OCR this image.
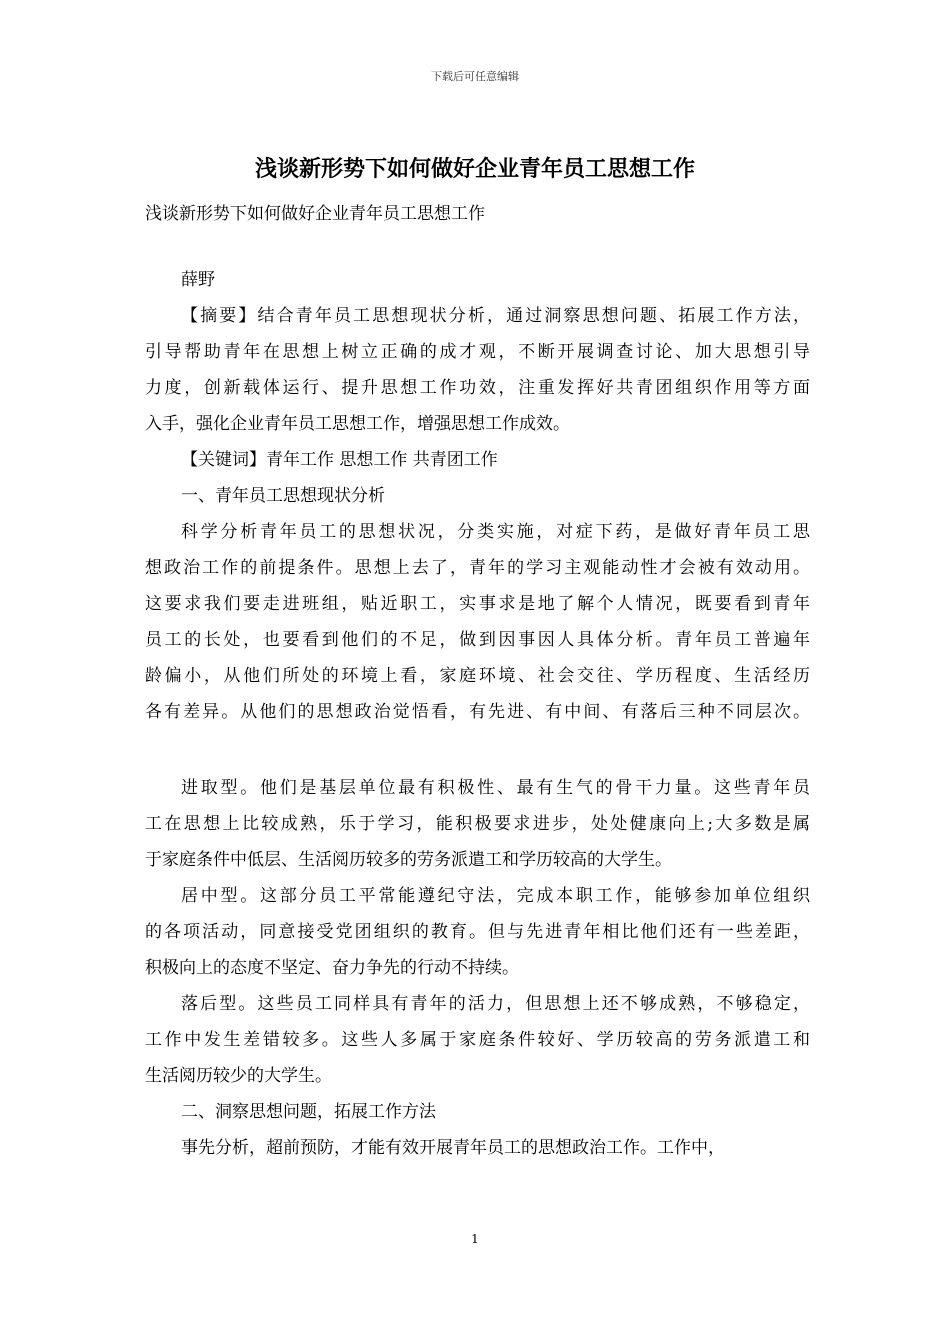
下载后可任意编辑
浅谈新形势下如何做好企业青年员工思想工作
浅谈新形势下如何做好企业青年员工思想工作
薛野
【摘要】结合青年员工思想现状分析，通过洞察思想问题、拓展工作方法，
引导帮助青年在思想上树立正确的成才观，不断开展调查讨论、加大思想引导
力度，创新载体运行、提升思想工作功效，注重发挥好共青团组织作用等方面
入手，强化企业青年员工思想工作，增强思想工作成效。
【关键词】青年工作 思想工作 共青团工作
一、青年员工思想现状分析
科学分析青年员工的思想状况，分类实施，对症下药，是做好青年员工思
想政治工作的前提条件。思想上去了，青年的学习主观能动性才会被有效动用。
这要求我们要走进班组，贴近职工，实事求是地了解个人情况，既要看到青年
员工的长处，也要看到他们的不足，做到因事因人具体分析。青年员工普遍年
龄偏小，从他们所处的环境上看，家庭环境、社会交往、学历程度、生活经历
各有差异。从他们的思想政治觉悟看，有先进、有中间、有落后三种不同层次。
进取型。他们是基层单位最有积极性、最有生气的骨干力量。这些青年员
工在思想上比较成熟，乐于学习，能积极要求进步，处处健康向上;大多数是属
于家庭条件中低层、生活阅历较多的劳务派遣工和学历较高的大学生。
居中型。这部分员工平常能遵纪守法，完成本职工作，能够参加单位组织
的各项活动，同意接受党团组织的教育。但与先进青年相比他们还有一些差距，
积极向上的态度不坚定、奋力争先的行动不持续。
落后型。这些员工同样具有青年的活力，但思想上还不够成熟，不够稳定，
工作中发生差错较多。这些人多属于家庭条件较好、学历较高的劳务派遣工和
生活阅历较少的大学生。
二、洞察思想问题，拓展工作方法
事先分析，超前预防，才能有效开展青年员工的思想政治工作。工作中，
1
